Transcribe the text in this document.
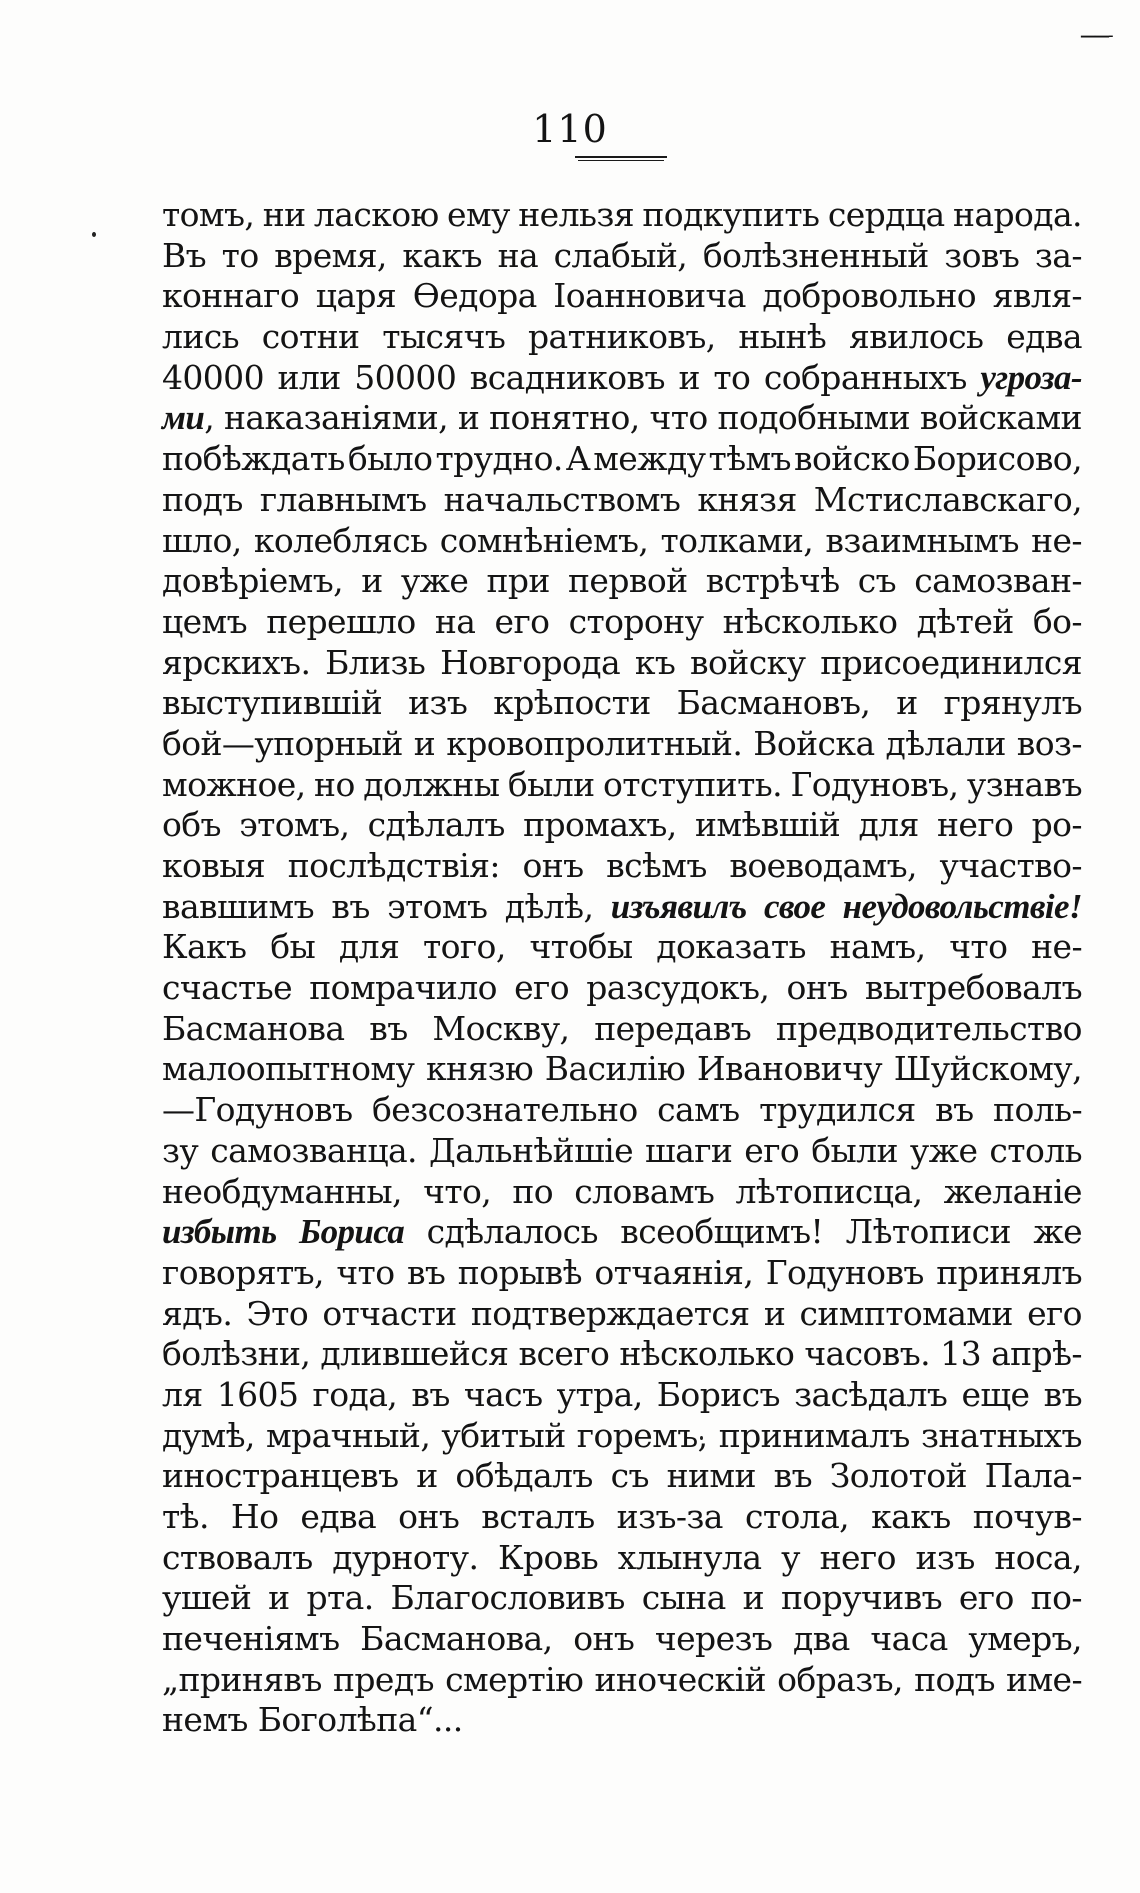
——˗
110
томъ, ни ласкою ему нельзя подкупить сердца народа.
Въ то время, какъ на слабый, болѣзненный зовъ за-
коннаго царя Ѳедора Іоанновича добровольно явля-
лись сотни тысячъ ратниковъ, нынѣ явилось едва
40000 или 50000 всадниковъ и то собранныхъ угроза-
ми, наказаніями, и понятно, что подобными войсками
побѣждать было трудно. А между тѣмъ войско Борисово,
подъ главнымъ начальствомъ князя Мстиславскаго,
шло, колеблясь сомнѣніемъ, толками, взаимнымъ не-
довѣріемъ, и уже при первой встрѣчѣ съ самозван-
цемъ перешло на его сторону нѣсколько дѣтей бо-
ярскихъ. Близь Новгорода къ войску присоединился
выступившій изъ крѣпости Басмановъ, и грянулъ
бой—упорный и кровопролитный. Войска дѣлали воз-
можное, но должны были отступить. Годуновъ, узнавъ
объ этомъ, сдѣлалъ промахъ, имѣвшій для него ро-
ковыя послѣдствія: онъ всѣмъ воеводамъ, участво-
вавшимъ въ этомъ дѣлѣ, изъявилъ свое неудовольствіе!
Какъ бы для того, чтобы доказать намъ, что не-
счастье помрачило его разсудокъ, онъ вытребовалъ
Басманова въ Москву, передавъ предводительство
малоопытному князю Василію Ивановичу Шуйскому,
—Годуновъ безсознательно самъ трудился въ поль-
зу самозванца. Дальнѣйшіе шаги его были уже столь
необдуманны, что, по словамъ лѣтописца, желаніе
избыть Бориса сдѣлалось всеобщимъ! Лѣтописи же
говорятъ, что въ порывѣ отчаянія, Годуновъ принялъ
ядъ. Это отчасти подтверждается и симптомами его
болѣзни, длившейся всего нѣсколько часовъ. 13 апрѣ-
ля 1605 года, въ часъ утра, Борисъ засѣдалъ еще въ
думѣ, мрачный, убитый горемъ, принималъ знатныхъ
иностранцевъ и обѣдалъ съ ними въ Золотой Пала-
тѣ. Но едва онъ всталъ изъ-за стола, какъ почув-
ствовалъ дурноту. Кровь хлынула у него изъ носа,
ушей и рта. Благословивъ сына и поручивъ его по-
печеніямъ Басманова, онъ черезъ два часа умеръ,
„принявъ предъ смертію иноческій образъ, подъ име-
немъ Боголѣпа“...
